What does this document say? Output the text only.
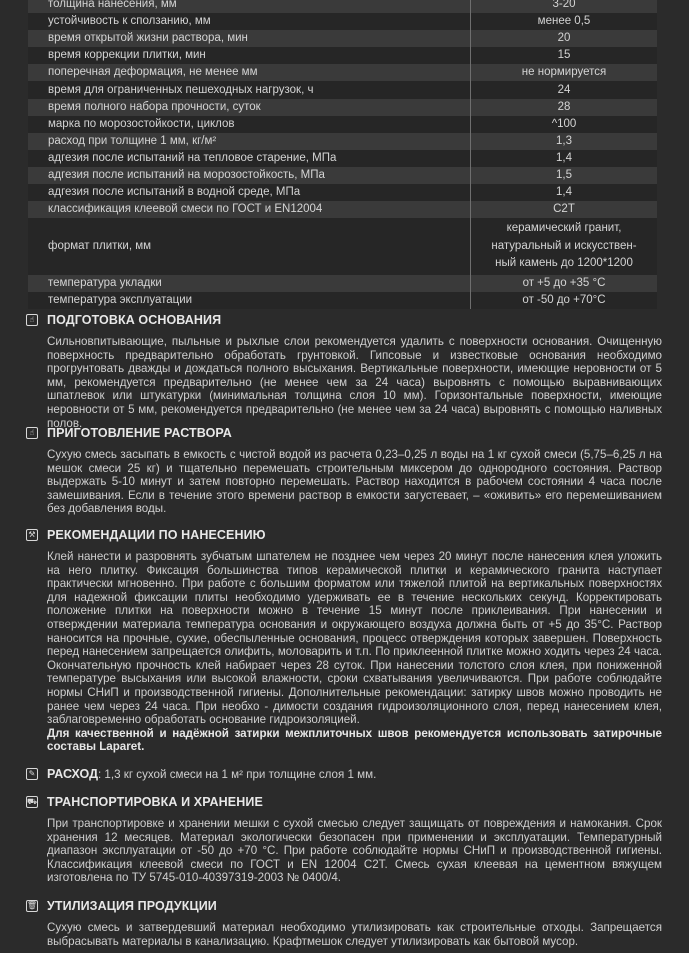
толщина нанесения, мм	3-20
устойчивость к сползанию, мм	менее 0,5
время открытой жизни раствора, мин	20
время коррекции плитки, мин	15
поперечная деформация, не менее мм	не нормируется
время для ограниченных пешеходных нагрузок, ч	24
время полного набора прочности, суток	28
марка по морозостойкости, циклов	^100
расход при толщине 1 мм, кг/м²	1,3
адгезия после испытаний на тепловое старение, МПа	1,4
адгезия после испытаний на морозостойкость, МПа	1,5
адгезия после испытаний в водной среде, МПа	1,4
классификация клеевой смеси по ГОСТ и EN12004	C2T
формат плитки, мм	керамический гранит,
натуральный и искусствен-
ный камень до 1200*1200

температура укладки	от +5 до +35 °С
температура эксплуатации	от -50 до +70°С
☝ ПОДГОТОВКА ОСНОВАНИЯ

Сильновпитывающие, пыльные и рыхлые слои рекомендуется удалить с поверхности основания. Очищенную поверхность предварительно обработать грунтовкой. Гипсовые и известковые основания необходимо прогрунтовать дважды и дождаться полного высыхания. Вертикальные поверхности, имеющие неровности от 5 мм, рекомендуется предварительно (не менее чем за 24 часа) выровнять с помощью выравнивающих шпатлевок или штукатурки (минимальная толщина слоя 10 мм). Горизонтальные поверхности, имеющие неровности от 5 мм, рекомендуется предварительно (не менее чем за 24 часа) выровнять с помощью наливных полов.

☝ ПРИГОТОВЛЕНИЕ РАСТВОРА

Сухую смесь засыпать в емкость с чистой водой из расчета 0,23–0,25 л воды на 1 кг сухой смеси (5,75–6,25 л на мешок смеси 25 кг) и тщательно перемешать строительным миксером до однородного состояния. Раствор выдержать 5-10 минут и затем повторно перемешать. Раствор находится в рабочем состоянии 4 часа после замешивания. Если в течение этого времени раствор в емкости загустевает, – «оживить» его перемешиванием без добавления воды.

⚒ РЕКОМЕНДАЦИИ ПО НАНЕСЕНИЮ

Клей нанести и разровнять зубчатым шпателем не позднее чем через 20 минут после нанесения клея уложить на него плитку. Фиксация большинства типов керамической плитки и керамического гранита наступает практически мгновенно. При работе с большим форматом или тяжелой плитой на вертикальных поверхностях для надежной фиксации плиты необходимо удерживать ее в течение нескольких секунд. Корректировать положение плитки на поверхности можно в течение 15 минут после приклеивания. При нанесении и отверждении материала температура основания и окружающего воздуха должна быть от +5 до 35°С. Раствор наносится на прочные, сухие, обеспыленные основания, процесс отверждения которых завершен. Поверхность перед нанесением запрещается олифить, моловарить и т.п. По приклеенной плитке можно ходить через 24 часа. Окончательную прочность клей набирает через 28 суток. При нанесении толстого слоя клея, при пониженной температуре высыхания или высокой влажности, сроки схватывания увеличиваются. При работе соблюдайте нормы СНиП и производственной гигиены. Дополнительные рекомендации: затирку швов можно проводить не ранее чем через 24 часа. При необхо - димости создания гидроизоляционного слоя, перед нанесением клея, заблаговременно обработать основание гидроизоляцией.

Для качественной и надёжной затирки межплиточных швов рекомендуется использовать затирочные составы Laparet.

✎ РАСХОД: 1,3 кг сухой смеси на 1 м² при толщине слоя 1 мм.
⛟ ТРАНСПОРТИРОВКА И ХРАНЕНИЕ

При транспортировке и хранении мешки с сухой смесью следует защищать от повреждения и намокания. Срок хранения 12 месяцев. Материал экологически безопасен при применении и эксплуатации. Температурный диапазон эксплуатации от -50 до +70 °С. При работе соблюдайте нормы СНиП и производственной гигиены. Классификация клеевой смеси по ГОСТ и EN 12004 C2T. Смесь сухая клеевая на цементном вяжущем изготовлена по ТУ 5745-010-40397319-2003 № 0400/4.

🗑 УТИЛИЗАЦИЯ ПРОДУКЦИИ

Сухую смесь и затвердевший материал необходимо утилизировать как строительные отходы. Запрещается выбрасывать материалы в канализацию. Крафтмешок следует утилизировать как бытовой мусор.
